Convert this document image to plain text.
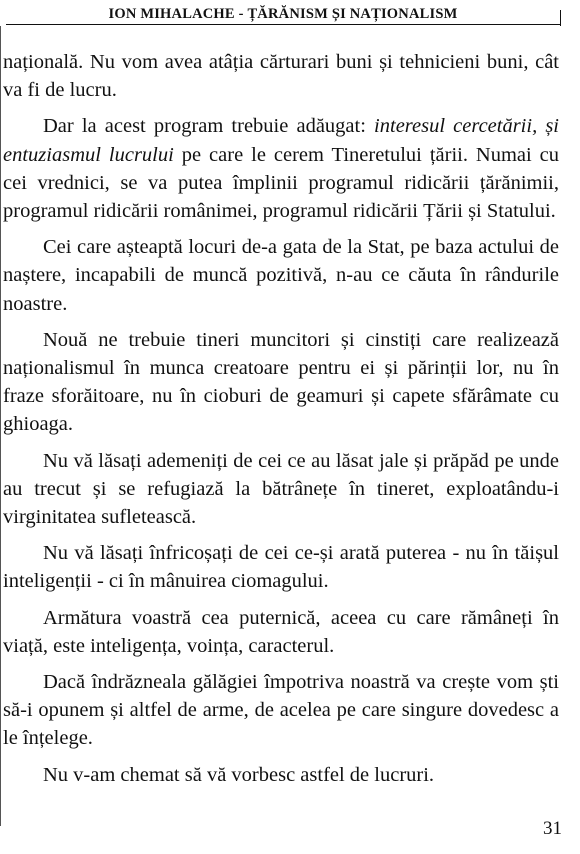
ION MIHALACHE - ȚĂRĂNISM ȘI NAȚIONALISM

națională. Nu vom avea atâția cărturari buni și tehnicieni buni, cât va fi de lucru.

Dar la acest program trebuie adăugat: interesul cercetării, și entuziasmul lucrului pe care le cerem Tineretului țării. Numai cu cei vrednici, se va putea împlinii programul ridicării țărănimii, programul ridicării românimei, programul ridicării Țării și Statului.

Cei care așteaptă locuri de-a gata de la Stat, pe baza actului de naștere, incapabili de muncă pozitivă, n-au ce căuta în rândurile noastre.

Nouă ne trebuie tineri muncitori și cinstiți care realizează naționalismul în munca creatoare pentru ei și părinții lor, nu în fraze sforăitoare, nu în cioburi de geamuri și capete sfărâmate cu ghioaga.

Nu vă lăsați ademeniți de cei ce au lăsat jale și prăpăd pe unde au trecut și se refugiază la bătrânețe în tineret, exploatându-i virginitatea sufletească.

Nu vă lăsați înfricoșați de cei ce-și arată puterea - nu în tăișul inteligenții - ci în mânuirea ciomagului.

Armătura voastră cea puternică, aceea cu care rămâneți în viață, este inteligența, voința, caracterul.

Dacă îndrăzneala gălăgiei împotriva noastră va crește vom ști să-i opunem și altfel de arme, de acelea pe care singure dovedesc a le înțelege.

Nu v-am chemat să vă vorbesc astfel de lucruri.

31
